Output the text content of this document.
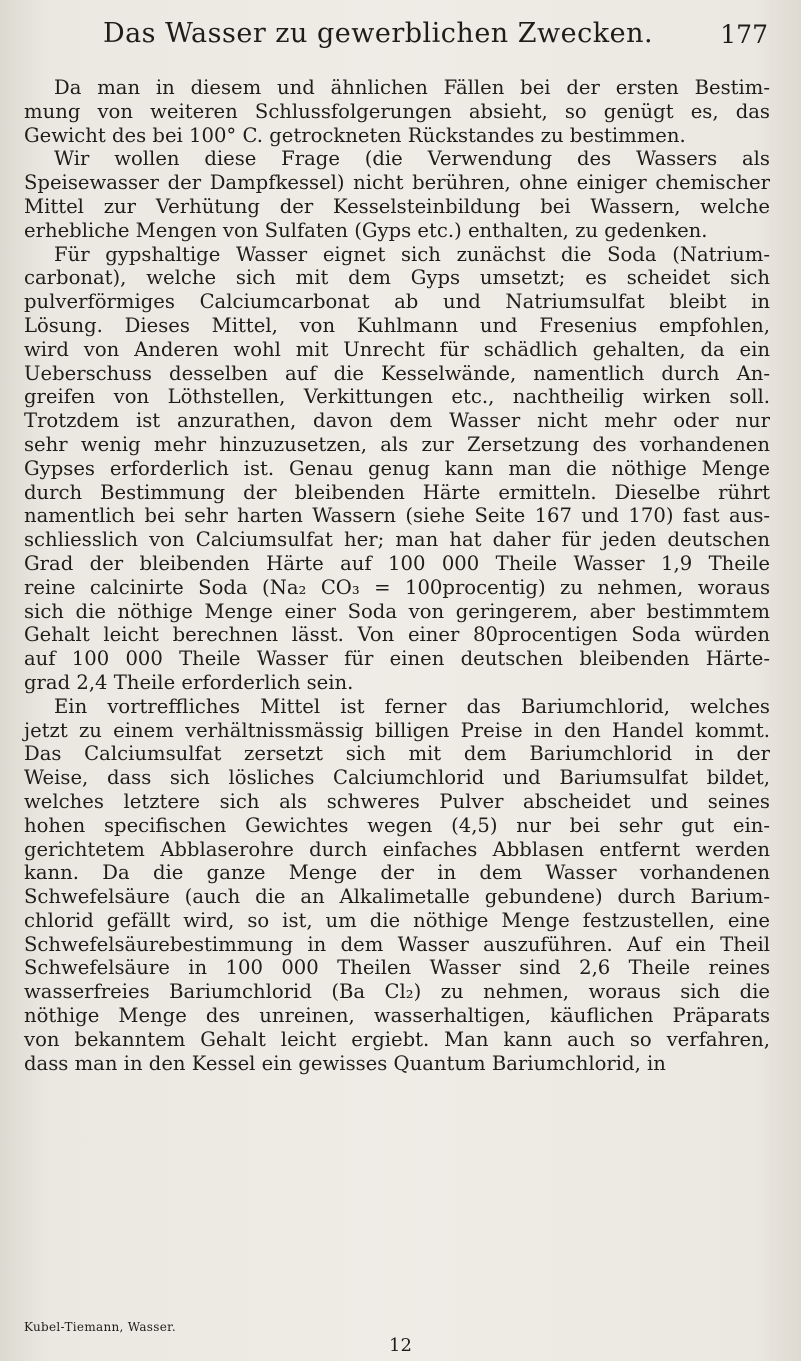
Das Wasser zu gewerblichen Zwecken.	177
Da man in diesem und ähnlichen Fällen bei der ersten Bestim-
mung von weiteren Schlussfolgerungen absieht, so genügt es, das
Gewicht des bei 100° C. getrockneten Rückstandes zu bestimmen.
Wir wollen diese Frage (die Verwendung des Wassers als
Speisewasser der Dampfkessel) nicht berühren, ohne einiger chemischer
Mittel zur Verhütung der Kesselsteinbildung bei Wassern, welche
erhebliche Mengen von Sulfaten (Gyps etc.) enthalten, zu gedenken.
Für gypshaltige Wasser eignet sich zunächst die Soda (Natrium-
carbonat), welche sich mit dem Gyps umsetzt; es scheidet sich
pulverförmiges Calciumcarbonat ab und Natriumsulfat bleibt in
Lösung. Dieses Mittel, von Kuhlmann und Fresenius empfohlen,
wird von Anderen wohl mit Unrecht für schädlich gehalten, da ein
Ueberschuss desselben auf die Kesselwände, namentlich durch An-
greifen von Löthstellen, Verkittungen etc., nachtheilig wirken soll.
Trotzdem ist anzurathen, davon dem Wasser nicht mehr oder nur
sehr wenig mehr hinzuzusetzen, als zur Zersetzung des vorhandenen
Gypses erforderlich ist. Genau genug kann man die nöthige Menge
durch Bestimmung der bleibenden Härte ermitteln. Dieselbe rührt
namentlich bei sehr harten Wassern (siehe Seite 167 und 170) fast aus-
schliesslich von Calciumsulfat her; man hat daher für jeden deutschen
Grad der bleibenden Härte auf 100 000 Theile Wasser 1,9 Theile
reine calcinirte Soda (Na₂ CO₃ = 100procentig) zu nehmen, woraus
sich die nöthige Menge einer Soda von geringerem, aber bestimmtem
Gehalt leicht berechnen lässt. Von einer 80procentigen Soda würden
auf 100 000 Theile Wasser für einen deutschen bleibenden Härte-
grad 2,4 Theile erforderlich sein.
Ein vortreffliches Mittel ist ferner das Bariumchlorid, welches
jetzt zu einem verhältnissmässig billigen Preise in den Handel kommt.
Das Calciumsulfat zersetzt sich mit dem Bariumchlorid in der
Weise, dass sich lösliches Calciumchlorid und Bariumsulfat bildet,
welches letztere sich als schweres Pulver abscheidet und seines
hohen specifischen Gewichtes wegen (4,5) nur bei sehr gut ein-
gerichtetem Abblaserohre durch einfaches Abblasen entfernt werden
kann. Da die ganze Menge der in dem Wasser vorhandenen
Schwefelsäure (auch die an Alkalimetalle gebundene) durch Barium-
chlorid gefällt wird, so ist, um die nöthige Menge festzustellen, eine
Schwefelsäurebestimmung in dem Wasser auszuführen. Auf ein Theil
Schwefelsäure in 100 000 Theilen Wasser sind 2,6 Theile reines
wasserfreies Bariumchlorid (Ba Cl₂) zu nehmen, woraus sich die
nöthige Menge des unreinen, wasserhaltigen, käuflichen Präparats
von bekanntem Gehalt leicht ergiebt. Man kann auch so verfahren,
dass man in den Kessel ein gewisses Quantum Bariumchlorid, in
Kubel-Tiemann, Wasser.
12
